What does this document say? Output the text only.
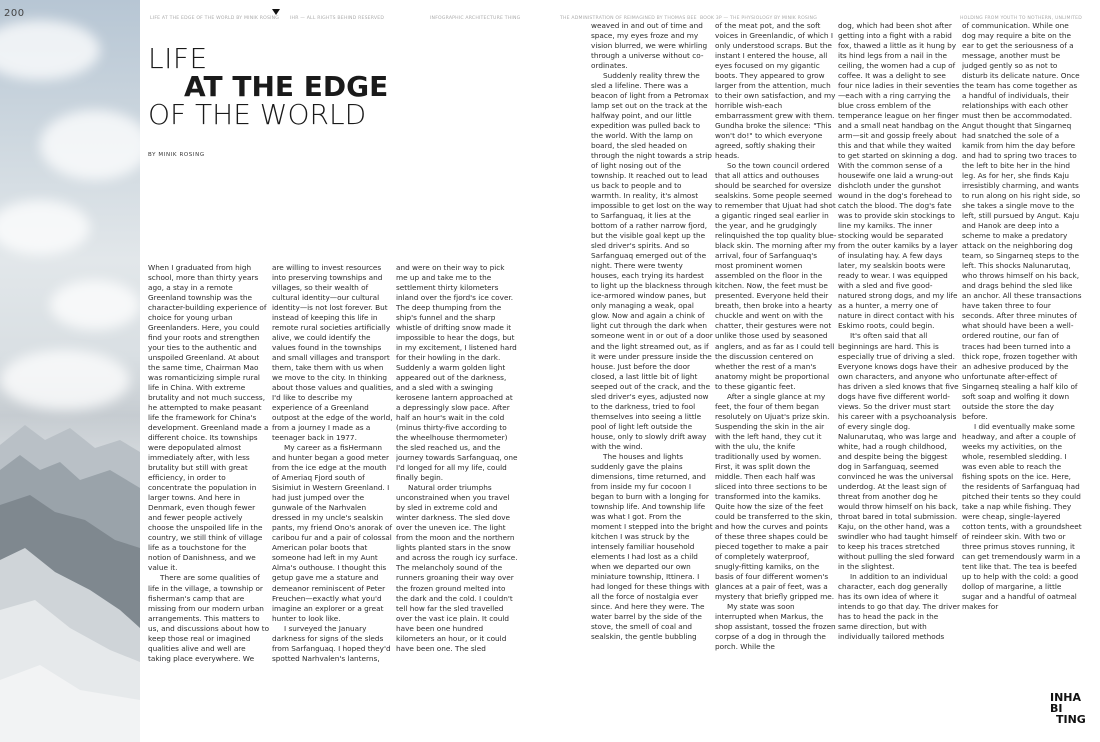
200	LIFE AT THE EDGE OF THE WORLD BY MINIK ROSING IHR — ALL RIGHTS BEHIND RESERVED	INFOGRAPHIC ARCHITECTURE THING	THE ADMINISTRATION OF REIMAGINED BY THOMAS BEE BOOK 3P — THE PHYSIOLOGY BY MINIK ROSING	HOLDING FROM YOUTH TO NOTHERN, UNLIMITED
LIFE
AT THE EDGE
OF THE WORLD
BY MINIK ROSING

When I graduated from high school, more than thirty years ago, a stay in a remote Greenland township was the character-building experience of choice for young urban Greenlanders. Here, you could find your roots and strengthen your ties to the authentic and unspoiled Greenland. At about the same time, Chairman Mao was romanticizing simple rural life in China. With extreme brutality and not much success, he attempted to make peasant life the framework for China's development. Greenland made a different choice. Its townships were depopulated almost immediately after, with less brutality but still with great efficiency, in order to concentrate the population in larger towns. And here in Denmark, even though fewer and fewer people actively choose the unspoiled life in the country, we still think of village life as a touchstone for the notion of Danishness, and we value it.

There are some qualities of life in the village, a township or fisherman's camp that are missing from our modern urban arrangements. This matters to us, and discussions about how to keep those real or imagined qualities alive and well are taking place everywhere. We

are willing to invest resources into preserving townships and villages, so their wealth of cultural identity—our cultural identity—is not lost forever. But instead of keeping this life in remote rural societies artificially alive, we could identify the values found in the townships and small villages and transport them, take them with us when we move to the city. In thinking about those values and qualities, I'd like to describe my experience of a Greenland outpost at the edge of the world, from a journey I made as a teenager back in 1977.

My career as a fisHermann and hunter began a good meter from the ice edge at the mouth of Ameriaq Fjord south of Sisimiut in Western Greenland. I had just jumped over the gunwale of the Narhvalen dressed in my uncle's sealskin pants, my friend Ono's anorak of caribou fur and a pair of colossal American polar boots that someone had left in my Aunt Alma's outhouse. I thought this getup gave me a stature and demeanor reminiscent of Peter Freuchen—exactly what you'd imagine an explorer or a great hunter to look like.

I surveyed the January darkness for signs of the sleds from Sarfanguaq. I hoped they'd spotted Narhvalen's lanterns,

and were on their way to pick me up and take me to the settlement thirty kilometers inland over the fjord's ice cover. The deep thumping from the ship's funnel and the sharp whistle of drifting snow made it impossible to hear the dogs, but in my excitement, I listened hard for their howling in the dark. Suddenly a warm golden light appeared out of the darkness, and a sled with a swinging kerosene lantern approached at a depressingly slow pace. After half an hour's wait in the cold (minus thirty-five according to the wheelhouse thermometer) the sled reached us, and the journey towards Sarfanguaq, one I'd longed for all my life, could finally begin.

Natural order triumphs unconstrained when you travel by sled in extreme cold and winter darkness. The sled dove over the uneven ice. The light from the moon and the northern lights planted stars in the snow and across the rough icy surface. The melancholy sound of the runners groaning their way over the frozen ground melted into the dark and the cold. I couldn't tell how far the sled travelled over the vast ice plain. It could have been one hundred kilometers an hour, or it could have been one. The sled

weaved in and out of time and space, my eyes froze and my vision blurred, we were whirling through a universe without co-ordinates.

Suddenly reality threw the sled a lifeline. There was a beacon of light from a Petromax lamp set out on the track at the halfway point, and our little expedition was pulled back to the world. With the lamp on board, the sled headed on through the night towards a strip of light nosing out of the township. It reached out to lead us back to people and to warmth. In reality, it's almost impossible to get lost on the way to Sarfanguaq, it lies at the bottom of a rather narrow fjord, but the visible goal kept up the sled driver's spirits. And so Sarfanguaq emerged out of the night. There were twenty houses, each trying its hardest to light up the blackness through ice-armored window panes, but only managing a weak, opal glow. Now and again a chink of light cut through the dark when someone went in or out of a door and the light streamed out, as if it were under pressure inside the house. Just before the door closed, a last little bit of light seeped out of the crack, and the sled driver's eyes, adjusted now to the darkness, tried to fool themselves into seeing a little pool of light left outside the house, only to slowly drift away with the wind.

The houses and lights suddenly gave the plains dimensions, time returned, and from inside my fur cocoon I began to burn with a longing for township life. And township life was what I got. From the moment I stepped into the bright kitchen I was struck by the intensely familiar household elements I had lost as a child when we departed our own miniature township, Ittinera. I had longed for these things with all the force of nostalgia ever since. And here they were. The water barrel by the side of the stove, the smell of coal and sealskin, the gentle bubbling

of the meat pot, and the soft voices in Greenlandic, of which I only understood scraps. But the instant I entered the house, all eyes focused on my gigantic boots. They appeared to grow larger from the attention, much to their own satisfaction, and my horrible wish-each embarrassment grew with them. Gundha broke the silence: "This won't do!" to which everyone agreed, softly shaking their heads.

So the town council ordered that all attics and outhouses should be searched for oversize sealskins. Some people seemed to remember that Ujuat had shot a gigantic ringed seal earlier in the year, and he grudgingly relinquished the top quality blue-black skin. The morning after my arrival, four of Sarfanguaq's most prominent women assembled on the floor in the kitchen. Now, the feet must be presented. Everyone held their breath, then broke into a hearty chuckle and went on with the chatter, their gestures were not unlike those used by seasoned anglers, and as far as I could tell the discussion centered on whether the rest of a man's anatomy might be proportional to these gigantic feet.

After a single glance at my feet, the four of them began resolutely on Ujuat's prize skin. Suspending the skin in the air with the left hand, they cut it with the ulu, the knife traditionally used by women. First, it was split down the middle. Then each half was sliced into three sections to be transformed into the kamiks. Quite how the size of the feet could be transferred to the skin, and how the curves and points of these three shapes could be pieced together to make a pair of completely waterproof, snugly-fitting kamiks, on the basis of four different women's glances at a pair of feet, was a mystery that briefly gripped me.

My state was soon interrupted when Markus, the shop assistant, tossed the frozen corpse of a dog in through the porch. While the

dog, which had been shot after getting into a fight with a rabid fox, thawed a little as it hung by its hind legs from a nail in the ceiling, the women had a cup of coffee. It was a delight to see four nice ladies in their seventies—each with a ring carrying the blue cross emblem of the temperance league on her finger and a small neat handbag on the arm—sit and gossip freely about this and that while they waited to get started on skinning a dog. With the common sense of a housewife one laid a wrung-out dishcloth under the gunshot wound in the dog's forehead to catch the blood. The dog's fate was to provide skin stockings to line my kamiks. The inner stocking would be separated from the outer kamiks by a layer of insulating hay. A few days later, my sealskin boots were ready to wear. I was equipped with a sled and five good-natured strong dogs, and my life as a hunter, a merry one of nature in direct contact with his Eskimo roots, could begin.

It's often said that all beginnings are hard. This is especially true of driving a sled. Everyone knows dogs have their own characters, and anyone who has driven a sled knows that five dogs have five different world-views. So the driver must start his career with a psychoanalysis of every single dog. Nalunarutaq, who was large and white, had a rough childhood, and despite being the biggest dog in Sarfanguaq, seemed convinced he was the universal underdog. At the least sign of threat from another dog he would throw himself on his back, throat bared in total submission. Kaju, on the other hand, was a swindler who had taught himself to keep his traces stretched without pulling the sled forward in the slightest.

In addition to an individual character, each dog generally has its own idea of where it intends to go that day. The driver has to head the pack in the same direction, but with individually tailored methods

of communication. While one dog may require a bite on the ear to get the seriousness of a message, another must be judged gently so as not to disturb its delicate nature. Once the team has come together as a handful of individuals, their relationships with each other must then be accommodated. Angut thought that Singarneq had snatched the sole of a kamik from him the day before and had to spring two traces to the left to bite her in the hind leg. As for her, she finds Kaju irresistibly charming, and wants to run along on his right side, so she takes a single move to the left, still pursued by Angut. Kaju and Hanok are deep into a scheme to make a predatory attack on the neighboring dog team, so Singarneq steps to the left. This shocks Nalunarutaq, who throws himself on his back, and drags behind the sled like an anchor. All these transactions have taken three to four seconds. After three minutes of what should have been a well-ordered routine, our fan of traces had been turned into a thick rope, frozen together with an adhesive produced by the unfortunate after-effect of Singarneq stealing a half kilo of soft soap and wolfing it down outside the store the day before.

I did eventually make some headway, and after a couple of weeks my activities, on the whole, resembled sledding. I was even able to reach the fishing spots on the ice. Here, the residents of Sarfanguaq had pitched their tents so they could take a nap while fishing. They were cheap, single-layered cotton tents, with a groundsheet of reindeer skin. With two or three primus stoves running, it can get tremendously warm in a tent like that. The tea is beefed up to help with the cold: a good dollop of margarine, a little sugar and a handful of oatmeal makes for

INHA
BI
TING
